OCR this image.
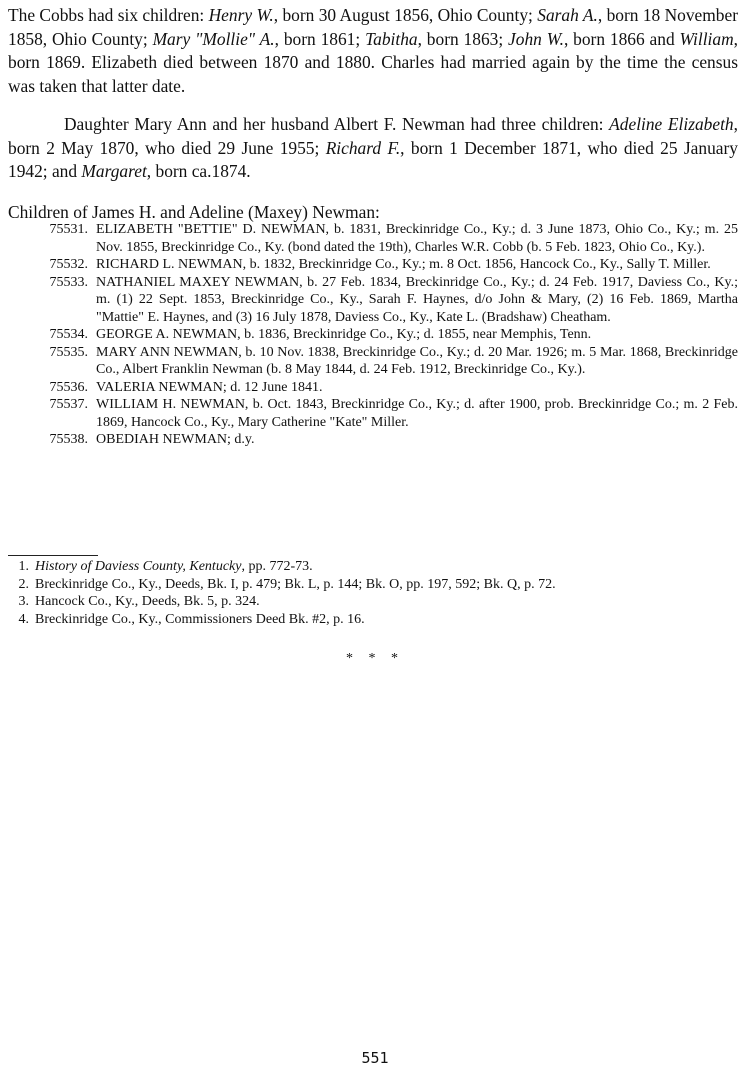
The Cobbs had six children: Henry W., born 30 August 1856, Ohio County; Sarah A., born 18 November 1858, Ohio County; Mary "Mollie" A., born 1861; Tabitha, born 1863; John W., born 1866 and William, born 1869. Elizabeth died between 1870 and 1880. Charles had married again by the time the census was taken that latter date.

Daughter Mary Ann and her husband Albert F. Newman had three children: Adeline Elizabeth, born 2 May 1870, who died 29 June 1955; Richard F., born 1 December 1871, who died 25 January 1942; and Margaret, born ca.1874.

Children of James H. and Adeline (Maxey) Newman:

75531. ELIZABETH "BETTIE" D. NEWMAN, b. 1831, Breckinridge Co., Ky.; d. 3 June 1873, Ohio Co., Ky.; m. 25 Nov. 1855, Breckinridge Co., Ky. (bond dated the 19th), Charles W.R. Cobb (b. 5 Feb. 1823, Ohio Co., Ky.).
75532. RICHARD L. NEWMAN, b. 1832, Breckinridge Co., Ky.; m. 8 Oct. 1856, Hancock Co., Ky., Sally T. Miller.
75533. NATHANIEL MAXEY NEWMAN, b. 27 Feb. 1834, Breckinridge Co., Ky.; d. 24 Feb. 1917, Daviess Co., Ky.; m. (1) 22 Sept. 1853, Breckinridge Co., Ky., Sarah F. Haynes, d/o John & Mary, (2) 16 Feb. 1869, Martha "Mattie" E. Haynes, and (3) 16 July 1878, Daviess Co., Ky., Kate L. (Bradshaw) Cheatham.
75534. GEORGE A. NEWMAN, b. 1836, Breckinridge Co., Ky.; d. 1855, near Memphis, Tenn.
75535. MARY ANN NEWMAN, b. 10 Nov. 1838, Breckinridge Co., Ky.; d. 20 Mar. 1926; m. 5 Mar. 1868, Breckinridge Co., Albert Franklin Newman (b. 8 May 1844, d. 24 Feb. 1912, Breckinridge Co., Ky.).
75536. VALERIA NEWMAN; d. 12 June 1841.
75537. WILLIAM H. NEWMAN, b. Oct. 1843, Breckinridge Co., Ky.; d. after 1900, prob. Breckinridge Co.; m. 2 Feb. 1869, Hancock Co., Ky., Mary Catherine "Kate" Miller.
75538. OBEDIAH NEWMAN; d.y.
1. History of Daviess County, Kentucky, pp. 772-73.
2. Breckinridge Co., Ky., Deeds, Bk. I, p. 479; Bk. L, p. 144; Bk. O, pp. 197, 592; Bk. Q, p. 72.
3. Hancock Co., Ky., Deeds, Bk. 5, p. 324.
4. Breckinridge Co., Ky., Commissioners Deed Bk. #2, p. 16.

* * *

551
